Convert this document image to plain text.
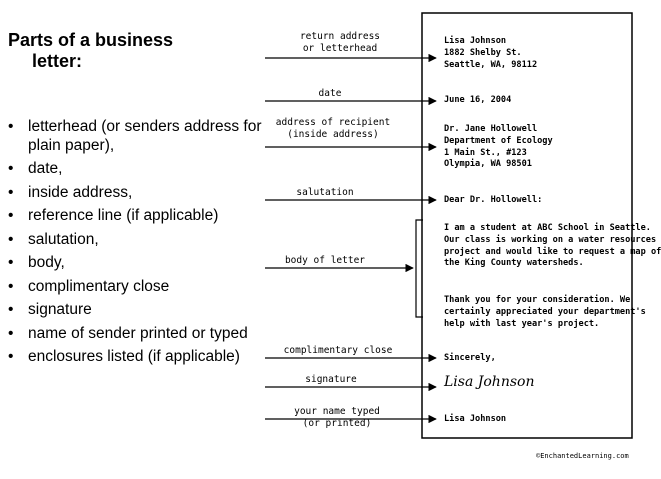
Parts of a business
letter:
• letterhead (or senders address for plain paper),
• date,
• inside address,
• reference line (if applicable)
• salutation,
• body,
• complimentary close
• signature
• name of sender printed or typed
• enclosures listed (if applicable)
return address
or letterhead
date
address of recipient
(inside address)
salutation
body of letter
complimentary close
signature
your name typed
(or printed)
Lisa Johnson
1882 Shelby St.
Seattle, WA, 98112
June 16, 2004
Dr. Jane Hollowell
Department of Ecology
1 Main St., #123
Olympia, WA 98501
Dear Dr. Hollowell:
I am a student at ABC School in Seattle.
Our class is working on a water resources
project and would like to request a map of
the King County watersheds.
Thank you for your consideration. We
certainly appreciated your department's
help with last year's project.
Sincerely,
Lisa Johnson
Lisa Johnson
©EnchantedLearning.com
